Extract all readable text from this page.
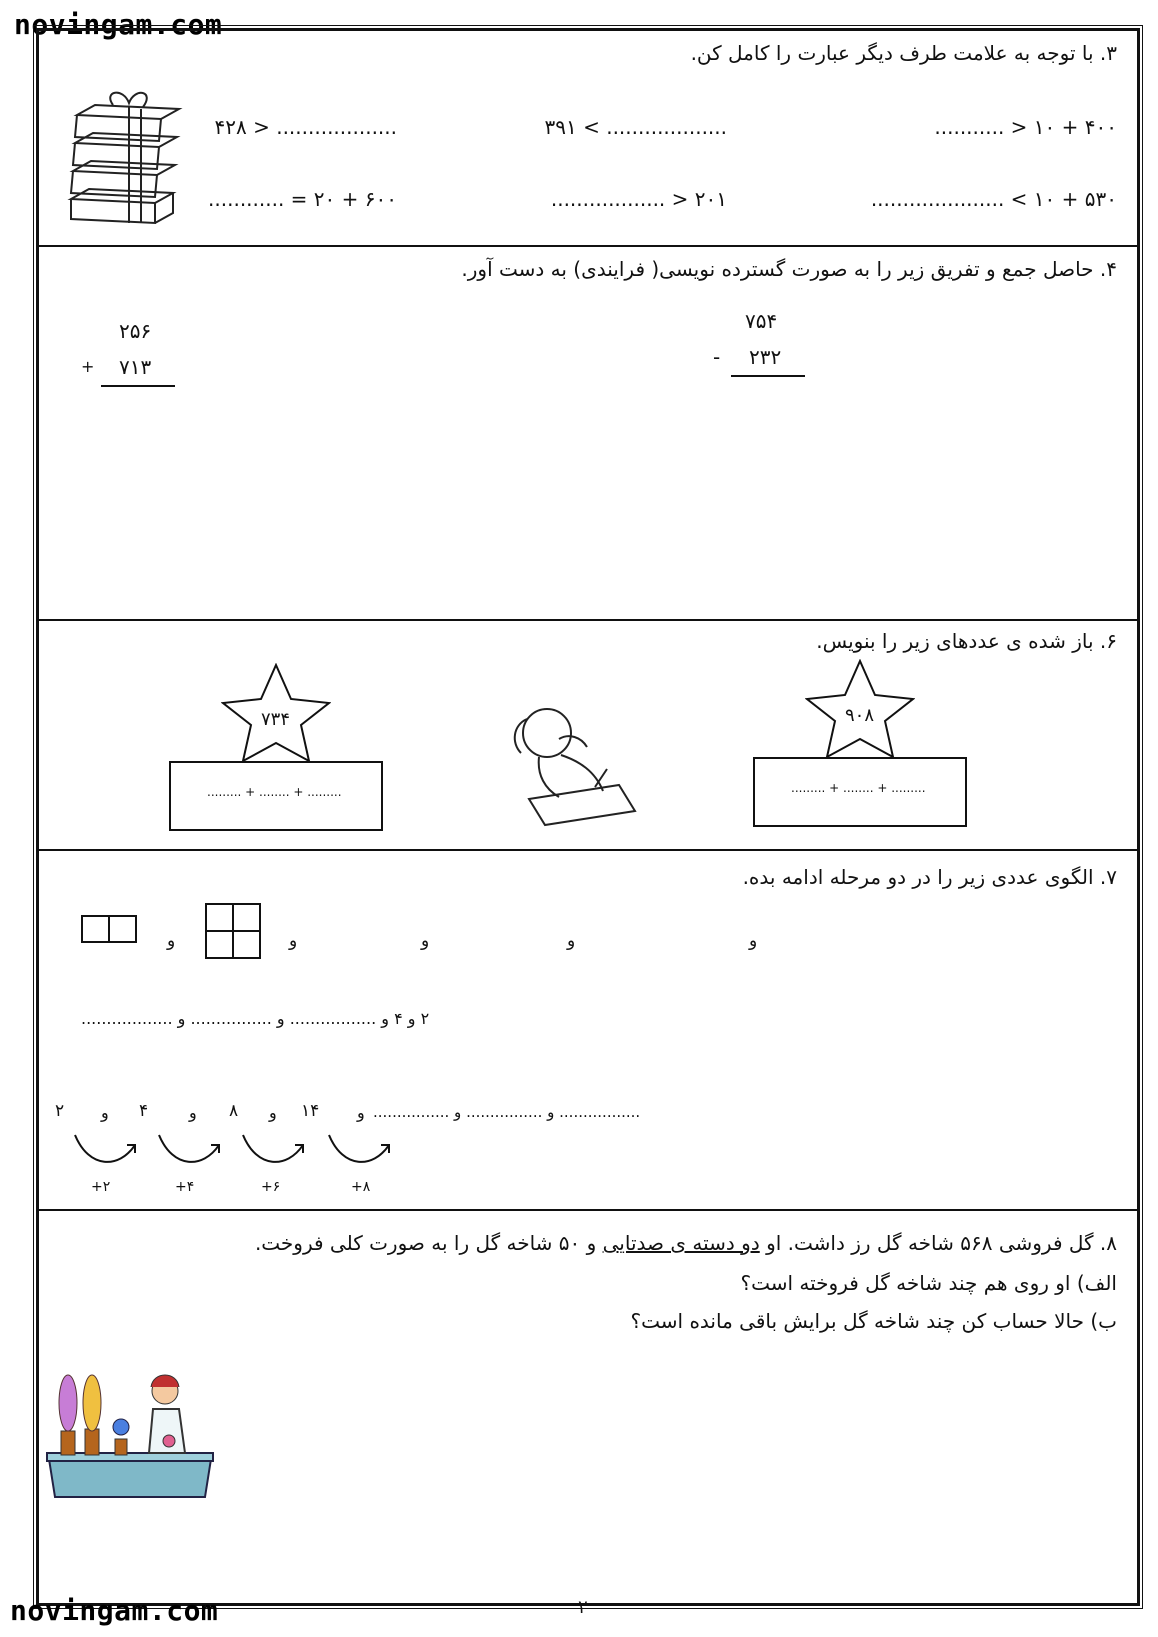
novingam.com
۳. با توجه به علامت طرف دیگر عبارت را کامل کن.
۴۰۰ + ۱۰ < ...........
................... > ۳۹۱
................... < ۴۲۸
۵۳۰ + ۱۰ > .....................
۲۰۱ < ..................
۶۰۰ + ۲۰ = ............
۴. حاصل جمع و تفریق زیر را به صورت گسترده نویسی( فرایندی) به دست آور.
۷۵۴
- ۲۳۲
۲۵۶
+ ۷۱۳
۶. باز شده ی عددهای زیر را بنویس.
۹۰۸
......... + ........ + .........
۷۳۴
......... + ........ + .........
۷. الگوی عددی زیر را در دو مرحله ادامه بده.
و
و
و
و
و
۲ و ۴ و ................. و ................ و ..................
۲ و ۴	و ۸ و ۱۴ و ................. و ................ و ................
+۲	+۴	+۶	+۸
۸. گل فروشی ۵۶۸ شاخه گل رز داشت. او دو دسته ی صدتایی و ۵۰ شاخه گل را به صورت کلی فروخت.
الف) او روی هم چند شاخه گل فروخته است؟
ب) حالا حساب کن چند شاخه گل برایش باقی مانده است؟
۲
novingam.com
